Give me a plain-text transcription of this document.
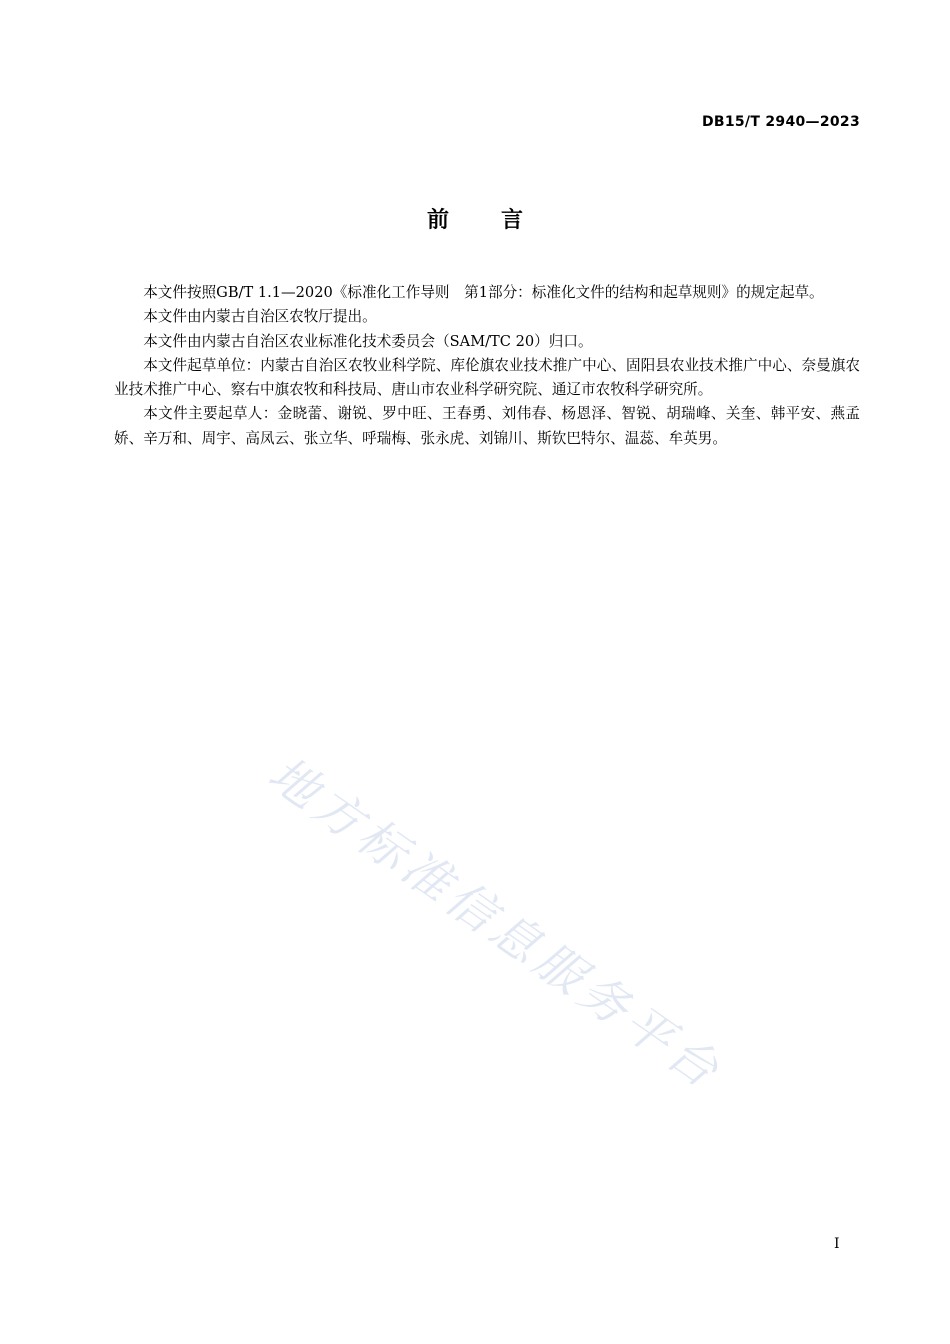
DB15/T 2940—2023
前 言

本文件按照GB/T 1.1—2020《标准化工作导则　第1部分：标准化文件的结构和起草规则》的规定起草。

本文件由内蒙古自治区农牧厅提出。

本文件由内蒙古自治区农业标准化技术委员会（SAM/TC 20）归口。

本文件起草单位：内蒙古自治区农牧业科学院、库伦旗农业技术推广中心、固阳县农业技术推广中心、奈曼旗农业技术推广中心、察右中旗农牧和科技局、唐山市农业科学研究院、通辽市农牧科学研究所。

本文件主要起草人：金晓蕾、谢锐、罗中旺、王春勇、刘伟春、杨恩泽、智锐、胡瑞峰、关奎、韩平安、燕孟娇、辛万和、周宇、高凤云、张立华、呼瑞梅、张永虎、刘锦川、斯钦巴特尔、温蕊、牟英男。

地方标准信息服务平台
I
